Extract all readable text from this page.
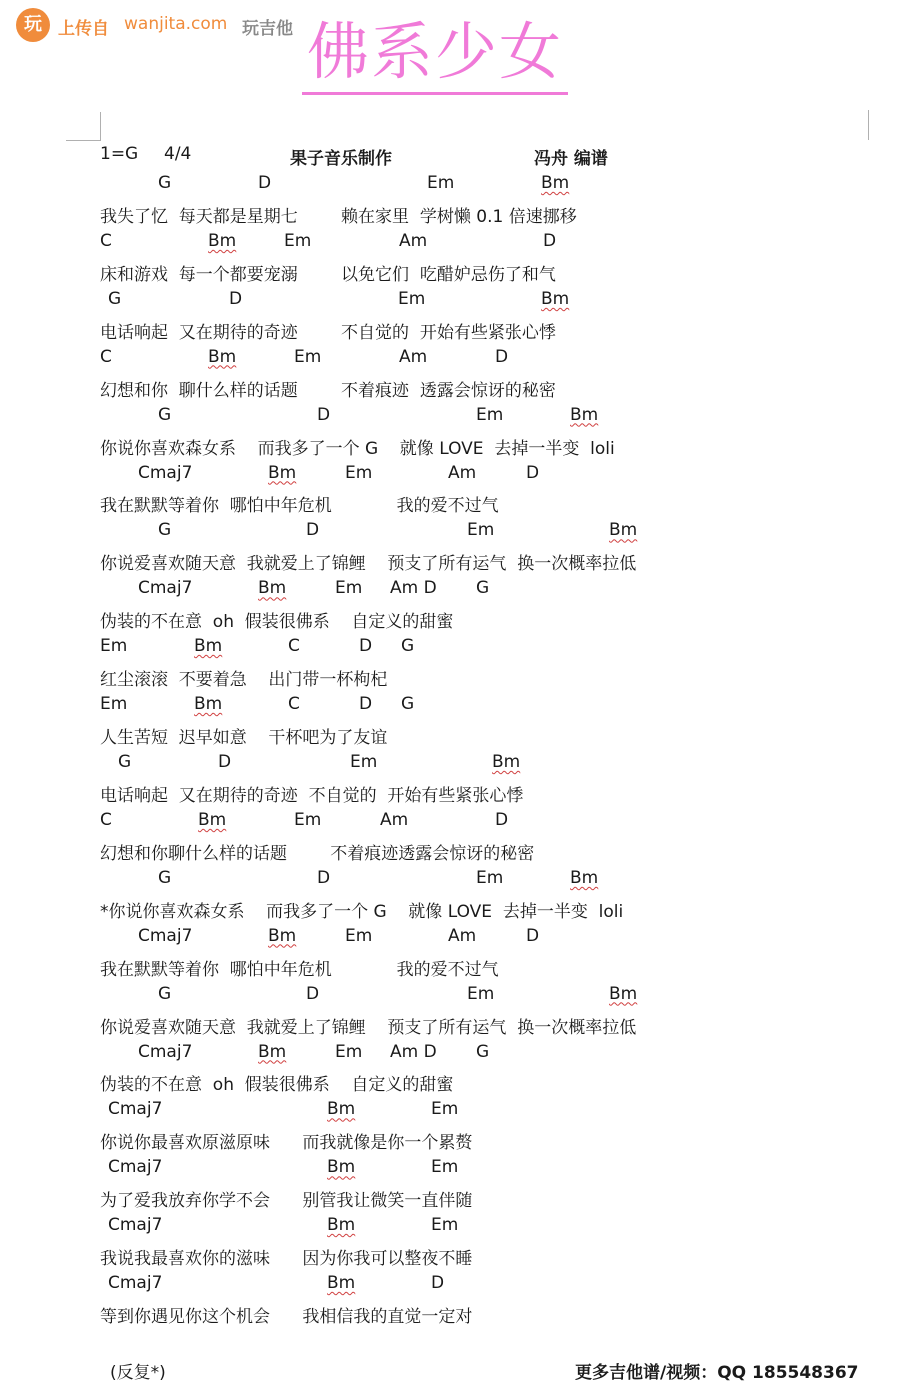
玩 上传自 wanjita.com 玩吉他 佛系少女
1=G 4/4	果子音乐制作	冯舟 编谱
G	D	Em	Bm
我失了忆  每天都是星期七        赖在家里  学树懒 0.1 倍速挪移
C	Bm	Em	Am	D
床和游戏  每一个都要宠溺        以免它们  吃醋妒忌伤了和气
G	D	Em	Bm
电话响起  又在期待的奇迹        不自觉的  开始有些紧张心悸
C	Bm	Em	Am	D
幻想和你  聊什么样的话题        不着痕迹  透露会惊讶的秘密
G	D	Em	Bm
你说你喜欢森女系    而我多了一个 G    就像 LOVE  去掉一半变  loli
Cmaj7	Bm	Em	Am	D
我在默默等着你  哪怕中年危机            我的爱不过气
G	D	Em	Bm
你说爱喜欢随天意  我就爱上了锦鲤    预支了所有运气  换一次概率拉低
Cmaj7	Bm	Em Am D G
伪装的不在意  oh  假装很佛系    自定义的甜蜜
Em	Bm	C	D G
红尘滚滚  不要着急    出门带一杯枸杞
Em	Bm	C	D G
人生苦短  迟早如意    干杯吧为了友谊
G	D	Em	Bm
电话响起  又在期待的奇迹  不自觉的  开始有些紧张心悸
C	Bm	Em	Am	D
幻想和你聊什么样的话题        不着痕迹透露会惊讶的秘密
G	D	Em	Bm
*你说你喜欢森女系    而我多了一个 G    就像 LOVE  去掉一半变  loli
Cmaj7	Bm	Em	Am	D
我在默默等着你  哪怕中年危机            我的爱不过气
G	D	Em	Bm
你说爱喜欢随天意  我就爱上了锦鲤    预支了所有运气  换一次概率拉低
Cmaj7	Bm	Em Am D G
伪装的不在意  oh  假装很佛系    自定义的甜蜜
Cmaj7	Bm	Em
你说你最喜欢原滋原味      而我就像是你一个累赘
Cmaj7	Bm	Em
为了爱我放弃你学不会      别管我让微笑一直伴随
Cmaj7	Bm	Em
我说我最喜欢你的滋味      因为你我可以整夜不睡
Cmaj7	Bm	D
等到你遇见你这个机会      我相信我的直觉一定对
(反复*)	更多吉他谱/视频：QQ 185548367
